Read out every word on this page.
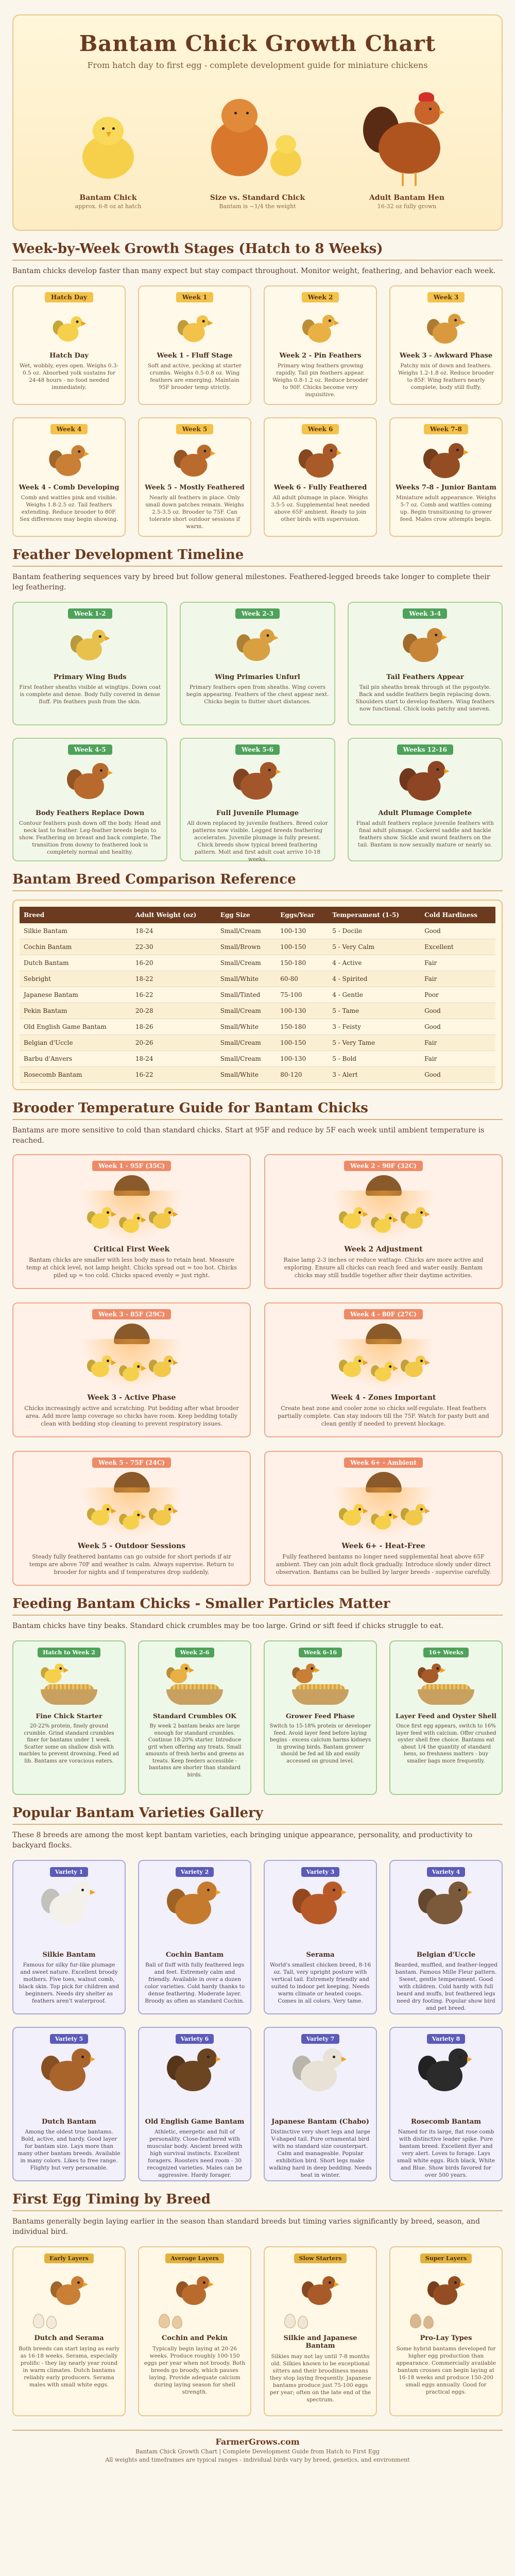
Bantam Chick Growth Chart
From hatch day to first egg - complete development guide for miniature chickens
Bantam Chick
approx. 6-8 oz at hatch
Size vs. Standard Chick
Bantam is ~1/4 the weight
Adult Bantam Hen
16-32 oz fully grown
Week-by-Week Growth Stages (Hatch to 8 Weeks)

Bantam chicks develop faster than many expect but stay compact throughout. Monitor weight, feathering, and behavior each week.

Hatch Day
Hatch Day
Wet, wobbly, eyes open. Weighs 0.3-0.5 oz. Absorbed yolk sustains for 24-48 hours - no food needed immediately.
Week 1
Week 1 - Fluff Stage
Soft and active, pecking at starter crumbs. Weighs 0.5-0.8 oz. Wing feathers are emerging. Maintain 95F brooder temp strictly.
Week 2
Week 2 - Pin Feathers
Primary wing feathers growing rapidly. Tail pin feathers appear. Weighs 0.8-1.2 oz. Reduce brooder to 90F. Chicks become very inquisitive.
Week 3
Week 3 - Awkward Phase
Patchy mix of down and feathers. Weighs 1.2-1.8 oz. Reduce brooder to 85F. Wing feathers nearly complete, body still fluffy.
Week 4
Week 4 - Comb Developing
Comb and wattles pink and visible. Weighs 1.8-2.5 oz. Tail feathers extending. Reduce brooder to 80F. Sex differences may begin showing.
Week 5
Week 5 - Mostly Feathered
Nearly all feathers in place. Only small down patches remain. Weighs 2.5-3.5 oz. Brooder to 75F. Can tolerate short outdoor sessions if warm.
Week 6
Week 6 - Fully Feathered
All adult plumage in place. Weighs 3.5-5 oz. Supplemental heat needed above 65F ambient. Ready to join other birds with supervision.
Week 7-8
Weeks 7-8 - Junior Bantam
Miniature adult appearance. Weighs 5-7 oz. Comb and wattles coming up. Begin transitioning to grower feed. Males crow attempts begin.
Feather Development Timeline

Bantam feathering sequences vary by breed but follow general milestones. Feathered-legged breeds take longer to complete their leg feathering.

Week 1-2
Primary Wing Buds
First feather sheaths visible at wingtips. Down coat is complete and dense. Body fully covered in dense fluff. Pin feathers push from the skin.
Week 2-3
Wing Primaries Unfurl
Primary feathers open from sheaths. Wing covers begin appearing. Feathers of the chest appear next. Chicks begin to flutter short distances.
Week 3-4
Tail Feathers Appear
Tail pin sheaths break through at the pygostyle. Back and saddle feathers begin replacing down. Shoulders start to develop feathers. Wing feathers now functional. Chick looks patchy and uneven.
Week 4-5
Body Feathers Replace Down
Contour feathers push down off the body. Head and neck last to feather. Leg-feather breeds begin to show. Feathering on breast and back complete. The transition from downy to feathered look is completely normal and healthy.
Week 5-6
Full Juvenile Plumage
All down replaced by juvenile feathers. Breed color patterns now visible. Legged breeds feathering accelerates. Juvenile plumage is fully present. Chick breeds show typical breed feathering pattern. Molt and first adult coat arrive 10-18 weeks.
Weeks 12-16
Adult Plumage Complete
Final adult feathers replace juvenile feathers with final adult plumage. Cockerel saddle and hackle feathers show. Sickle and sword feathers on the tail. Bantam is now sexually mature or nearly so.
Bantam Breed Comparison Reference
Breed	Adult Weight (oz)	Egg Size	Eggs/Year	Temperament (1-5)	Cold Hardiness
Silkie Bantam	18-24	Small/Cream	100-130	5 - Docile	Good
Cochin Bantam	22-30	Small/Brown	100-150	5 - Very Calm	Excellent
Dutch Bantam	16-20	Small/Cream	150-180	4 - Active	Fair
Sebright	18-22	Small/White	60-80	4 - Spirited	Fair
Japanese Bantam	16-22	Small/Tinted	75-100	4 - Gentle	Poor
Pekin Bantam	20-28	Small/Cream	100-130	5 - Tame	Good
Old English Game Bantam	18-26	Small/White	150-180	3 - Feisty	Good
Belgian d'Uccle	20-26	Small/Cream	100-150	5 - Very Tame	Fair
Barbu d'Anvers	18-24	Small/Cream	100-130	5 - Bold	Fair
Rosecomb Bantam	16-22	Small/White	80-120	3 - Alert	Good
Brooder Temperature Guide for Bantam Chicks

Bantams are more sensitive to cold than standard chicks. Start at 95F and reduce by 5F each week until ambient temperature is reached.

Week 1 - 95F (35C)
Critical First Week
Bantam chicks are smaller with less body mass to retain heat. Measure temp at chick level, not lamp height. Chicks spread out = too hot. Chicks piled up = too cold. Chicks spaced evenly = just right.
Week 2 - 90F (32C)
Week 2 Adjustment
Raise lamp 2-3 inches or reduce wattage. Chicks are more active and exploring. Ensure all chicks can reach feed and water easily. Bantam chicks may still huddle together after their daytime activities.
Week 3 - 85F (29C)
Week 3 - Active Phase
Chicks increasingly active and scratching. Put bedding after what brooder area. Add more lamp coverage so chicks have room. Keep bedding totally clean with bedding stop cleaning to prevent respiratory issues.
Week 4 - 80F (27C)
Week 4 - Zones Important
Create heat zone and cooler zone so chicks self-regulate. Heat feathers partially complete. Can stay indoors till the 75F. Watch for pasty butt and clean gently if needed to prevent blockage.
Week 5 - 75F (24C)
Week 5 - Outdoor Sessions
Steady fully feathered bantams can go outside for short periods if air temps are above 70F and weather is calm. Always supervise. Return to brooder for nights and if temperatures drop suddenly.
Week 6+ - Ambient
Week 6+ - Heat-Free
Fully feathered bantams no longer need supplemental heat above 65F ambient. They can join adult flock gradually. Introduce slowly under direct observation. Bantams can be bullied by larger breeds - supervise carefully.
Feeding Bantam Chicks - Smaller Particles Matter

Bantam chicks have tiny beaks. Standard chick crumbles may be too large. Grind or sift feed if chicks struggle to eat.

Hatch to Week 2
Fine Chick Starter
20-22% protein, finely ground crumble. Grind standard crumbles finer for bantams under 1 week. Scatter some on shallow dish with marbles to prevent drowning. Feed ad lib. Bantams are voracious eaters.
Week 2-6
Standard Crumbles OK
By week 2 bantam beaks are large enough for standard crumbles. Continue 18-20% starter. Introduce grit when offering any treats. Small amounts of fresh herbs and greens as treats. Keep feeders accessible - bantams are shorter than standard birds.
Week 6-16
Grower Feed Phase
Switch to 15-18% protein or developer feed. Avoid layer feed before laying begins - excess calcium harms kidneys in growing birds. Bantam grower should be fed ad lib and easily accessed on ground level.
16+ Weeks
Layer Feed and Oyster Shell
Once first egg appears, switch to 16% layer feed with calcium. Offer crushed oyster shell free choice. Bantams eat about 1/4 the quantity of standard hens, so freshness matters - buy smaller bags more frequently.
Popular Bantam Varieties Gallery

These 8 breeds are among the most kept bantam varieties, each bringing unique appearance, personality, and productivity to backyard flocks.

Variety 1
Silkie Bantam
Famous for silky fur-like plumage and sweet nature. Excellent broody mothers. Five toes, walnut comb, black skin. Top pick for children and beginners. Needs dry shelter as feathers aren't waterproof.
Variety 2
Cochin Bantam
Ball of fluff with fully feathered legs and feet. Extremely calm and friendly. Available in over a dozen color varieties. Cold hardy thanks to dense feathering. Moderate layer. Broody as often as standard Cochin.
Variety 3
Serama
World's smallest chicken breed, 8-16 oz. Tall, very upright posture with vertical tail. Extremely friendly and suited to indoor pet keeping. Needs warm climate or heated coops. Comes in all colors. Very tame.
Variety 4
Belgian d'Uccle
Bearded, muffled, and feather-legged bantam. Famous Mille Fleur pattern. Sweet, gentle temperament. Good with children. Cold hardy with full beard and muffs, but feathered legs need dry footing. Popular show bird and pet breed.
Variety 5
Dutch Bantam
Among the oldest true bantams. Bold, active, and hardy. Good layer for bantam size. Lays more than many other bantam breeds. Available in many colors. Likes to free range. Flighty but very personable.
Variety 6
Old English Game Bantam
Athletic, energetic and full of personality. Close-feathered with muscular body. Ancient breed with high survival instincts. Excellent foragers. Roosters need room - 30 recognized varieties. Males can be aggressive. Hardy forager.
Variety 7
Japanese Bantam (Chabo)
Distinctive very short legs and large V-shaped tail. Pure ornamental bird with no standard size counterpart. Calm and manageable. Popular exhibition bird. Short legs make walking hard in deep bedding. Needs heat in winter.
Variety 8
Rosecomb Bantam
Named for its large, flat rose comb with distinctive leader spike. Pure bantam breed. Excellent flyer and very alert. Loves to forage. Lays small white eggs. Rich black, White and Blue. Show birds favored for over 500 years.
First Egg Timing by Breed

Bantams generally begin laying earlier in the season than standard breeds but timing varies significantly by breed, season, and individual bird.

Early Layers
Dutch and Serama
Both breeds can start laying as early as 16-18 weeks. Serama, especially prolific - they lay nearly year round in warm climates. Dutch bantams reliably early producers. Serama males with small white eggs.
Average Layers
Cochin and Pekin
Typically begin laying at 20-26 weeks. Produce roughly 100-150 eggs per year when not broody. Both breeds go broody, which pauses laying. Provide adequate calcium during laying season for shell strength.
Slow Starters
Silkie and Japanese Bantam
Silkies may not lay until 7-8 months old. Silkies known to be exceptional sitters and their broodiness means they stop laying frequently. Japanese bantams produce just 75-100 eggs per year; often on the late end of the spectrum.
Super Layers
Pro-Lay Types
Some hybrid bantams developed for higher egg production than appearance. Commercially available bantam crosses can begin laying at 16-18 weeks and produce 150-200 small eggs annually. Good for practical eggs.
FarmerGrows.com
Bantam Chick Growth Chart | Complete Development Guide from Hatch to First Egg
All weights and timeframes are typical ranges - individual birds vary by breed, genetics, and environment
